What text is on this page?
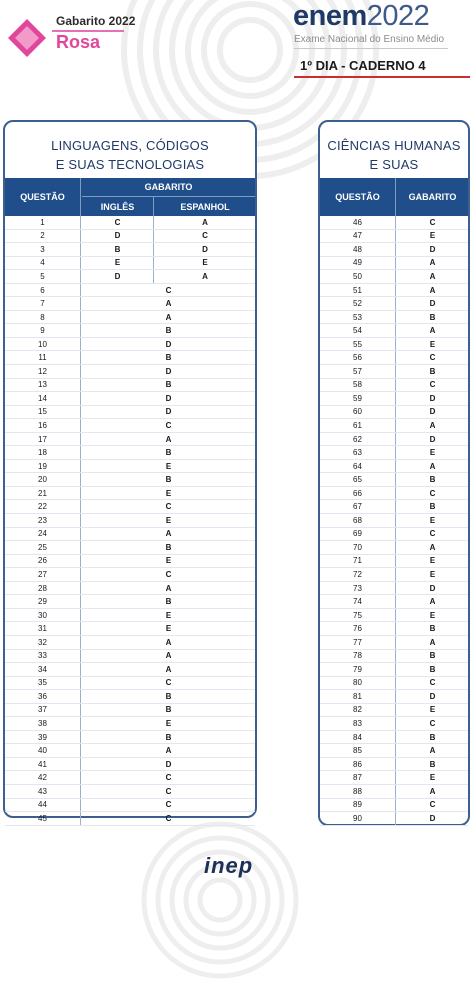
Gabarito 2022
Rosa
enem2022
Exame Nacional do Ensino Médio
1º DIA - CADERNO 4
LINGUAGENS, CÓDIGOS
E SUAS TECNOLOGIAS
QUESTÃO
GABARITO
INGLÊS	ESPANHOL
1	C	A
2	D	C
3	B	D
4	E	E
5	D	A
6	C
7	A
8	A
9	B
10	D
11	B
12	D
13	B
14	D
15	D
16	C
17	A
18	B
19	E
20	B
21	E
22	C
23	E
24	A
25	B
26	E
27	C
28	A
29	B
30	E
31	E
32	A
33	A
34	A
35	C
36	B
37	B
38	E
39	B
40	A
41	D
42	C
43	C
44	C
45	C
CIÊNCIAS HUMANAS
E SUAS
QUESTÃO	GABARITO
46	C
47	E
48	D
49	A
50	A
51	A
52	D
53	B
54	A
55	E
56	C
57	B
58	C
59	D
60	D
61	A
62	D
63	E
64	A
65	B
66	C
67	B
68	E
69	C
70	A
71	E
72	E
73	D
74	A
75	E
76	B
77	A
78	B
79	B
80	C
81	D
82	E
83	C
84	B
85	A
86	B
87	E
88	A
89	C
90	D
inep
